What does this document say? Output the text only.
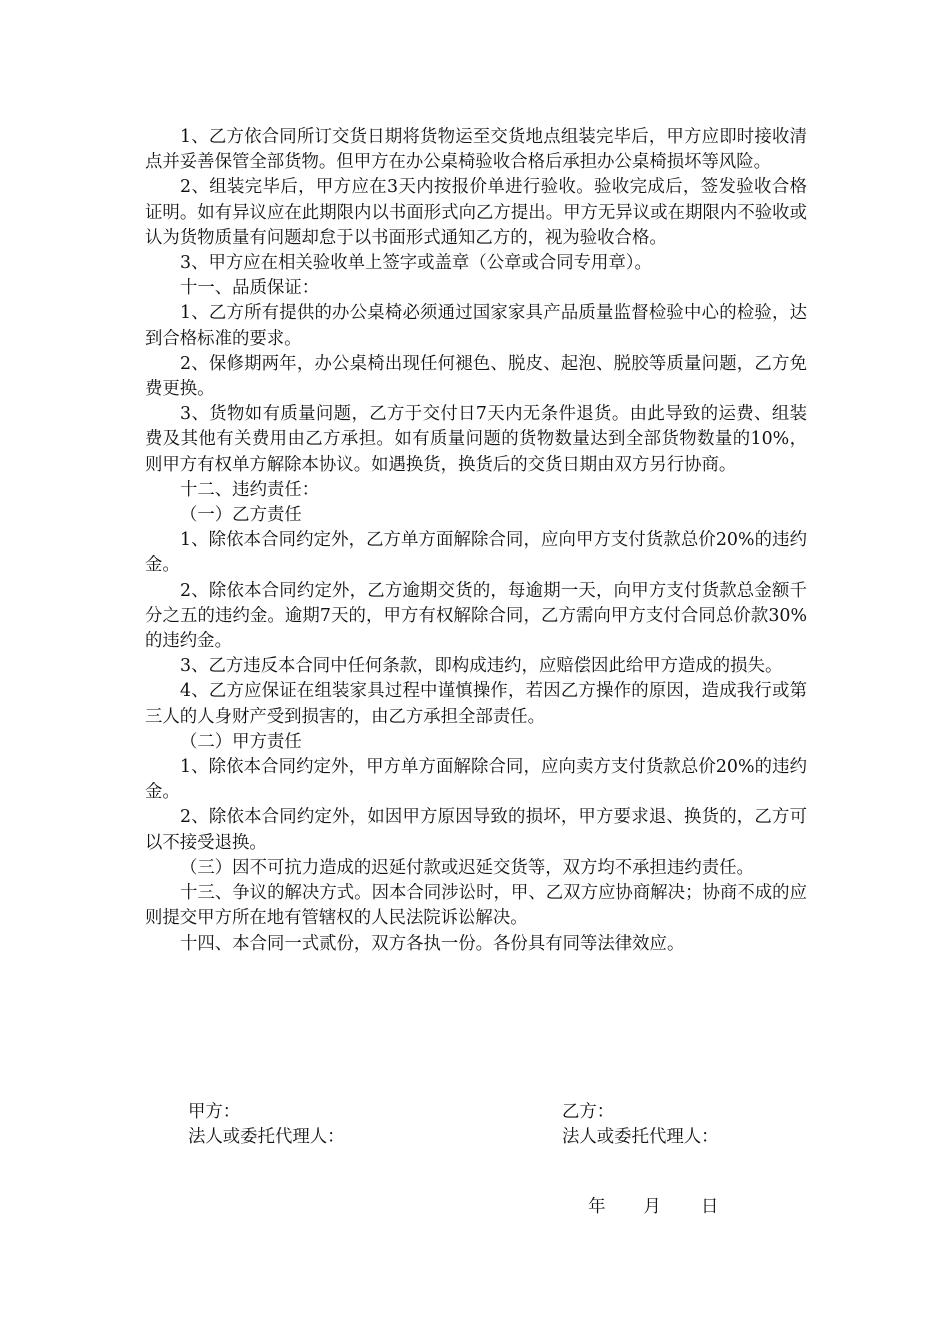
1、乙方依合同所订交货日期将货物运至交货地点组装完毕后，甲方应即时接收清点并妥善保管全部货物。但甲方在办公桌椅验收合格后承担办公桌椅损坏等风险。

2、组装完毕后，甲方应在3天内按报价单进行验收。验收完成后，签发验收合格证明。如有异议应在此期限内以书面形式向乙方提出。甲方无异议或在期限内不验收或认为货物质量有问题却怠于以书面形式通知乙方的，视为验收合格。

3、甲方应在相关验收单上签字或盖章（公章或合同专用章）。

十一、品质保证：

1、乙方所有提供的办公桌椅必须通过国家家具产品质量监督检验中心的检验，达到合格标准的要求。

2、保修期两年，办公桌椅出现任何褪色、脱皮、起泡、脱胶等质量问题，乙方免费更换。

3、货物如有质量问题，乙方于交付日7天内无条件退货。由此导致的运费、组装费及其他有关费用由乙方承担。如有质量问题的货物数量达到全部货物数量的10%，则甲方有权单方解除本协议。如遇换货，换货后的交货日期由双方另行协商。

十二、违约责任：

（一）乙方责任

1、除依本合同约定外，乙方单方面解除合同，应向甲方支付货款总价20%的违约金。

2、除依本合同约定外，乙方逾期交货的，每逾期一天，向甲方支付货款总金额千分之五的违约金。逾期7天的，甲方有权解除合同，乙方需向甲方支付合同总价款30%的违约金。

3、乙方违反本合同中任何条款，即构成违约，应赔偿因此给甲方造成的损失。

4、乙方应保证在组装家具过程中谨慎操作，若因乙方操作的原因，造成我行或第三人的人身财产受到损害的，由乙方承担全部责任。

（二）甲方责任

1、除依本合同约定外，甲方单方面解除合同，应向卖方支付货款总价20%的违约金。

2、除依本合同约定外，如因甲方原因导致的损坏，甲方要求退、换货的，乙方可以不接受退换。

（三）因不可抗力造成的迟延付款或迟延交货等，双方均不承担违约责任。

十三、争议的解决方式。因本合同涉讼时，甲、乙双方应协商解决；协商不成的应则提交甲方所在地有管辖权的人民法院诉讼解决。

十四、本合同一式贰份，双方各执一份。各份具有同等法律效应。

甲方：
法人或委托代理人：
乙方：
法人或委托代理人：

年 月 日
